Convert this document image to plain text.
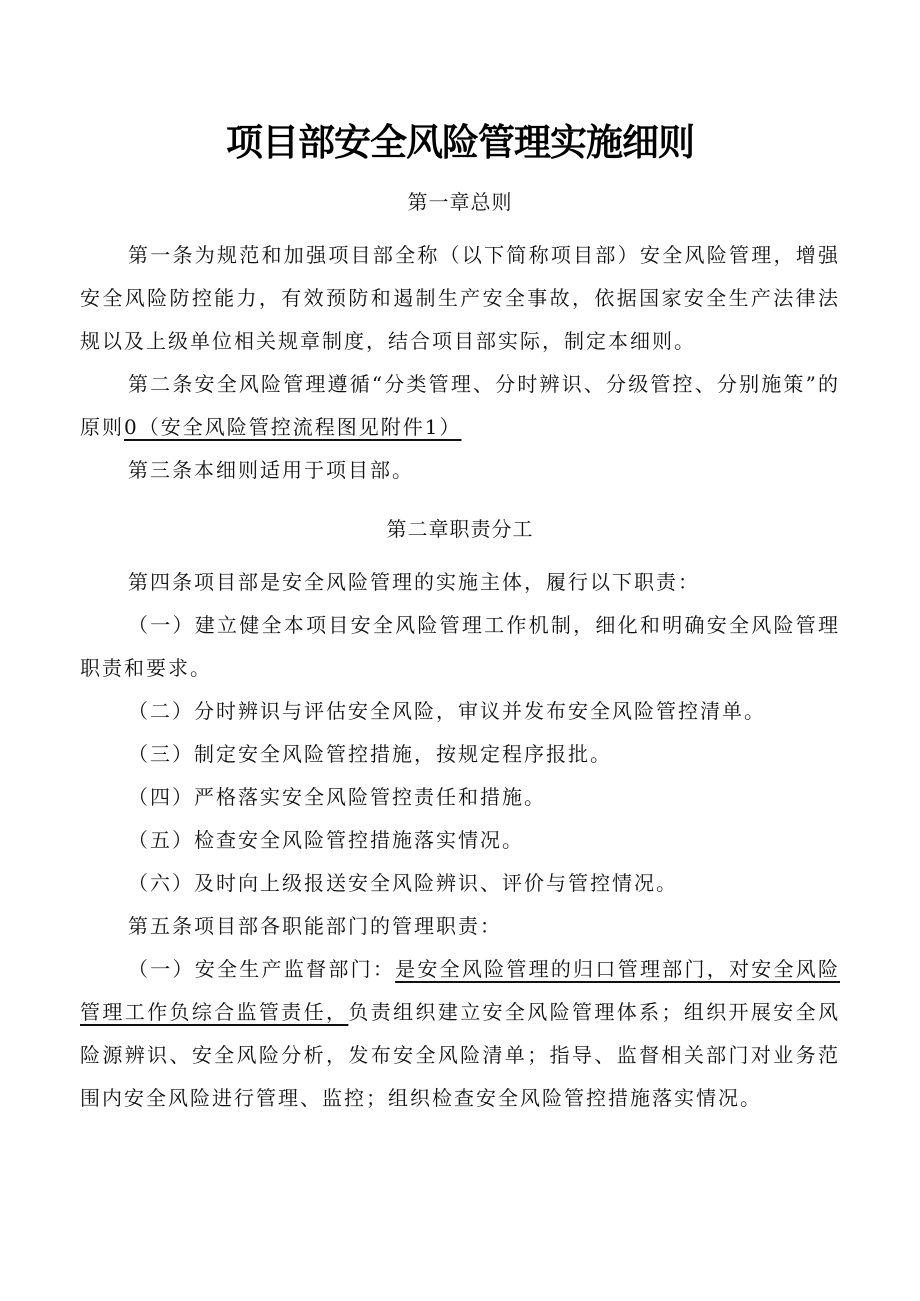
项目部安全风险管理实施细则
第一章总则

第一条为规范和加强项目部全称（以下简称项目部）安全风险管理，增强安全风险防控能力，有效预防和遏制生产安全事故，依据国家安全生产法律法规以及上级单位相关规章制度，结合项目部实际，制定本细则。

第二条安全风险管理遵循“分类管理、分时辨识、分级管控、分别施策”的原则0（安全风险管控流程图见附件1）

第三条本细则适用于项目部。

第二章职责分工

第四条项目部是安全风险管理的实施主体，履行以下职责：

（一）建立健全本项目安全风险管理工作机制，细化和明确安全风险管理职责和要求。

（二）分时辨识与评估安全风险，审议并发布安全风险管控清单。

（三）制定安全风险管控措施，按规定程序报批。

（四）严格落实安全风险管控责任和措施。

（五）检查安全风险管控措施落实情况。

（六）及时向上级报送安全风险辨识、评价与管控情况。

第五条项目部各职能部门的管理职责：

（一）安全生产监督部门：是安全风险管理的归口管理部门，对安全风险管理工作负综合监管责任，负责组织建立安全风险管理体系；组织开展安全风险源辨识、安全风险分析，发布安全风险清单；指导、监督相关部门对业务范围内安全风险进行管理、监控；组织检查安全风险管控措施落实情况。
